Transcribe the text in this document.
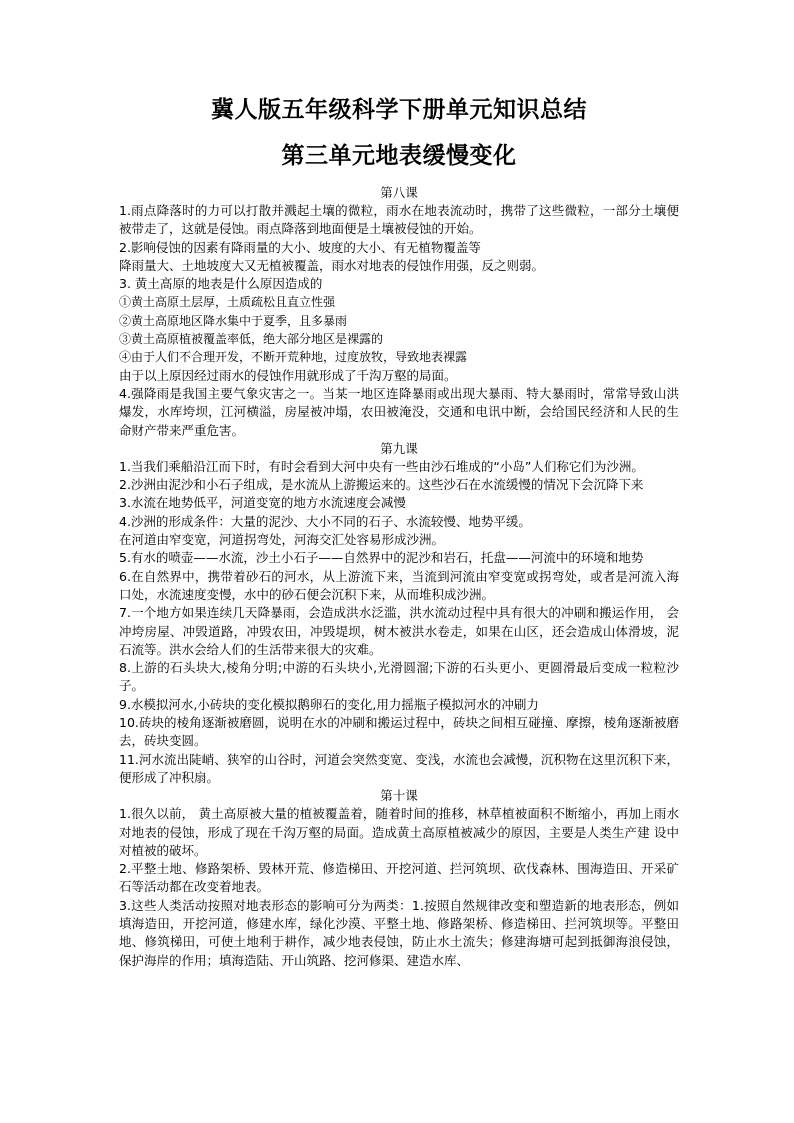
冀人版五年级科学下册单元知识总结
第三单元地表缓慢变化
第八课

1.雨点降落时的力可以打散并溅起土壤的微粒，雨水在地表流动时，携带了这些微粒，一部分土壤便被带走了，这就是侵蚀。雨点降落到地面便是土壤被侵蚀的开始。

2.影响侵蚀的因素有降雨量的大小、坡度的大小、有无植物覆盖等

降雨量大、土地坡度大又无植被覆盖，雨水对地表的侵蚀作用强，反之则弱。

3. 黄土高原的地表是什么原因造成的

①黄土高原土层厚，土质疏松且直立性强

②黄土高原地区降水集中于夏季，且多暴雨

③黄土高原植被覆盖率低，绝大部分地区是裸露的

④由于人们不合理开发，不断开荒种地，过度放牧，导致地表裸露

由于以上原因经过雨水的侵蚀作用就形成了千沟万壑的局面。

4.强降雨是我国主要气象灾害之一。当某一地区连降暴雨或出现大暴雨、特大暴雨时，常常导致山洪爆发，水库垮坝，江河横溢，房屋被冲塌，农田被淹没，交通和电讯中断，会给国民经济和人民的生命财产带来严重危害。

第九课

1.当我们乘船沿江而下时，有时会看到大河中央有一些由沙石堆成的“小岛”人们称它们为沙洲。

2.沙洲由泥沙和小石子组成，是水流从上游搬运来的。这些沙石在水流缓慢的情况下会沉降下来

3.水流在地势低平，河道变宽的地方水流速度会减慢

4.沙洲的形成条件：大量的泥沙、大小不同的石子、水流较慢、地势平缓。

在河道由窄变宽，河道拐弯处，河海交汇处容易形成沙洲。

5.有水的喷壶——水流，沙土小石子——自然界中的泥沙和岩石，托盘——河流中的环境和地势

6.在自然界中，携带着砂石的河水，从上游流下来，当流到河流由窄变宽或拐弯处，或者是河流入海口处，水流速度变慢，水中的砂石便会沉积下来，从而堆积成沙洲。

7.一个地方如果连续几天降暴雨，会造成洪水泛滥，洪水流动过程中具有很大的冲刷和搬运作用， 会冲垮房屋、冲毁道路，冲毁农田，冲毁堤坝，树木被洪水卷走，如果在山区，还会造成山体滑坡，泥石流等。洪水会给人们的生活带来很大的灾难。

8.上游的石头块大,棱角分明;中游的石头块小,光滑圆溜;下游的石头更小、更圆滑最后变成一粒粒沙子。

9.水模拟河水,小砖块的变化模拟鹅卵石的变化,用力摇瓶子模拟河水的冲刷力

10.砖块的棱角逐渐被磨圆，说明在水的冲刷和搬运过程中，砖块之间相互碰撞、摩擦，棱角逐渐被磨去，砖块变圆。

11.河水流出陡峭、狭窄的山谷时，河道会突然变宽、变浅，水流也会减慢，沉积物在这里沉积下来，便形成了冲积扇。

第十课

1.很久以前， 黄土高原被大量的植被覆盖着，随着时间的推移，林草植被面积不断缩小，再加上雨水对地表的侵蚀，形成了现在千沟万壑的局面。造成黄土高原植被减少的原因，主要是人类生产建 设中对植被的破坏。

2.平整土地、修路架桥、毁林开荒、修造梯田、开挖河道、拦河筑坝、砍伐森林、围海造田、开采矿石等活动都在改变着地表。

3.这些人类活动按照对地表形态的影响可分为两类：1.按照自然规律改变和塑造新的地表形态，例如填海造田，开挖河道，修建水库，绿化沙漠、平整土地、修路架桥、修造梯田、拦河筑坝等。平整田地、修筑梯田，可使土地利于耕作，减少地表侵蚀，防止水土流失；修建海塘可起到抵御海浪侵蚀，保护海岸的作用；填海造陆、开山筑路、挖河修渠、建造水库、
